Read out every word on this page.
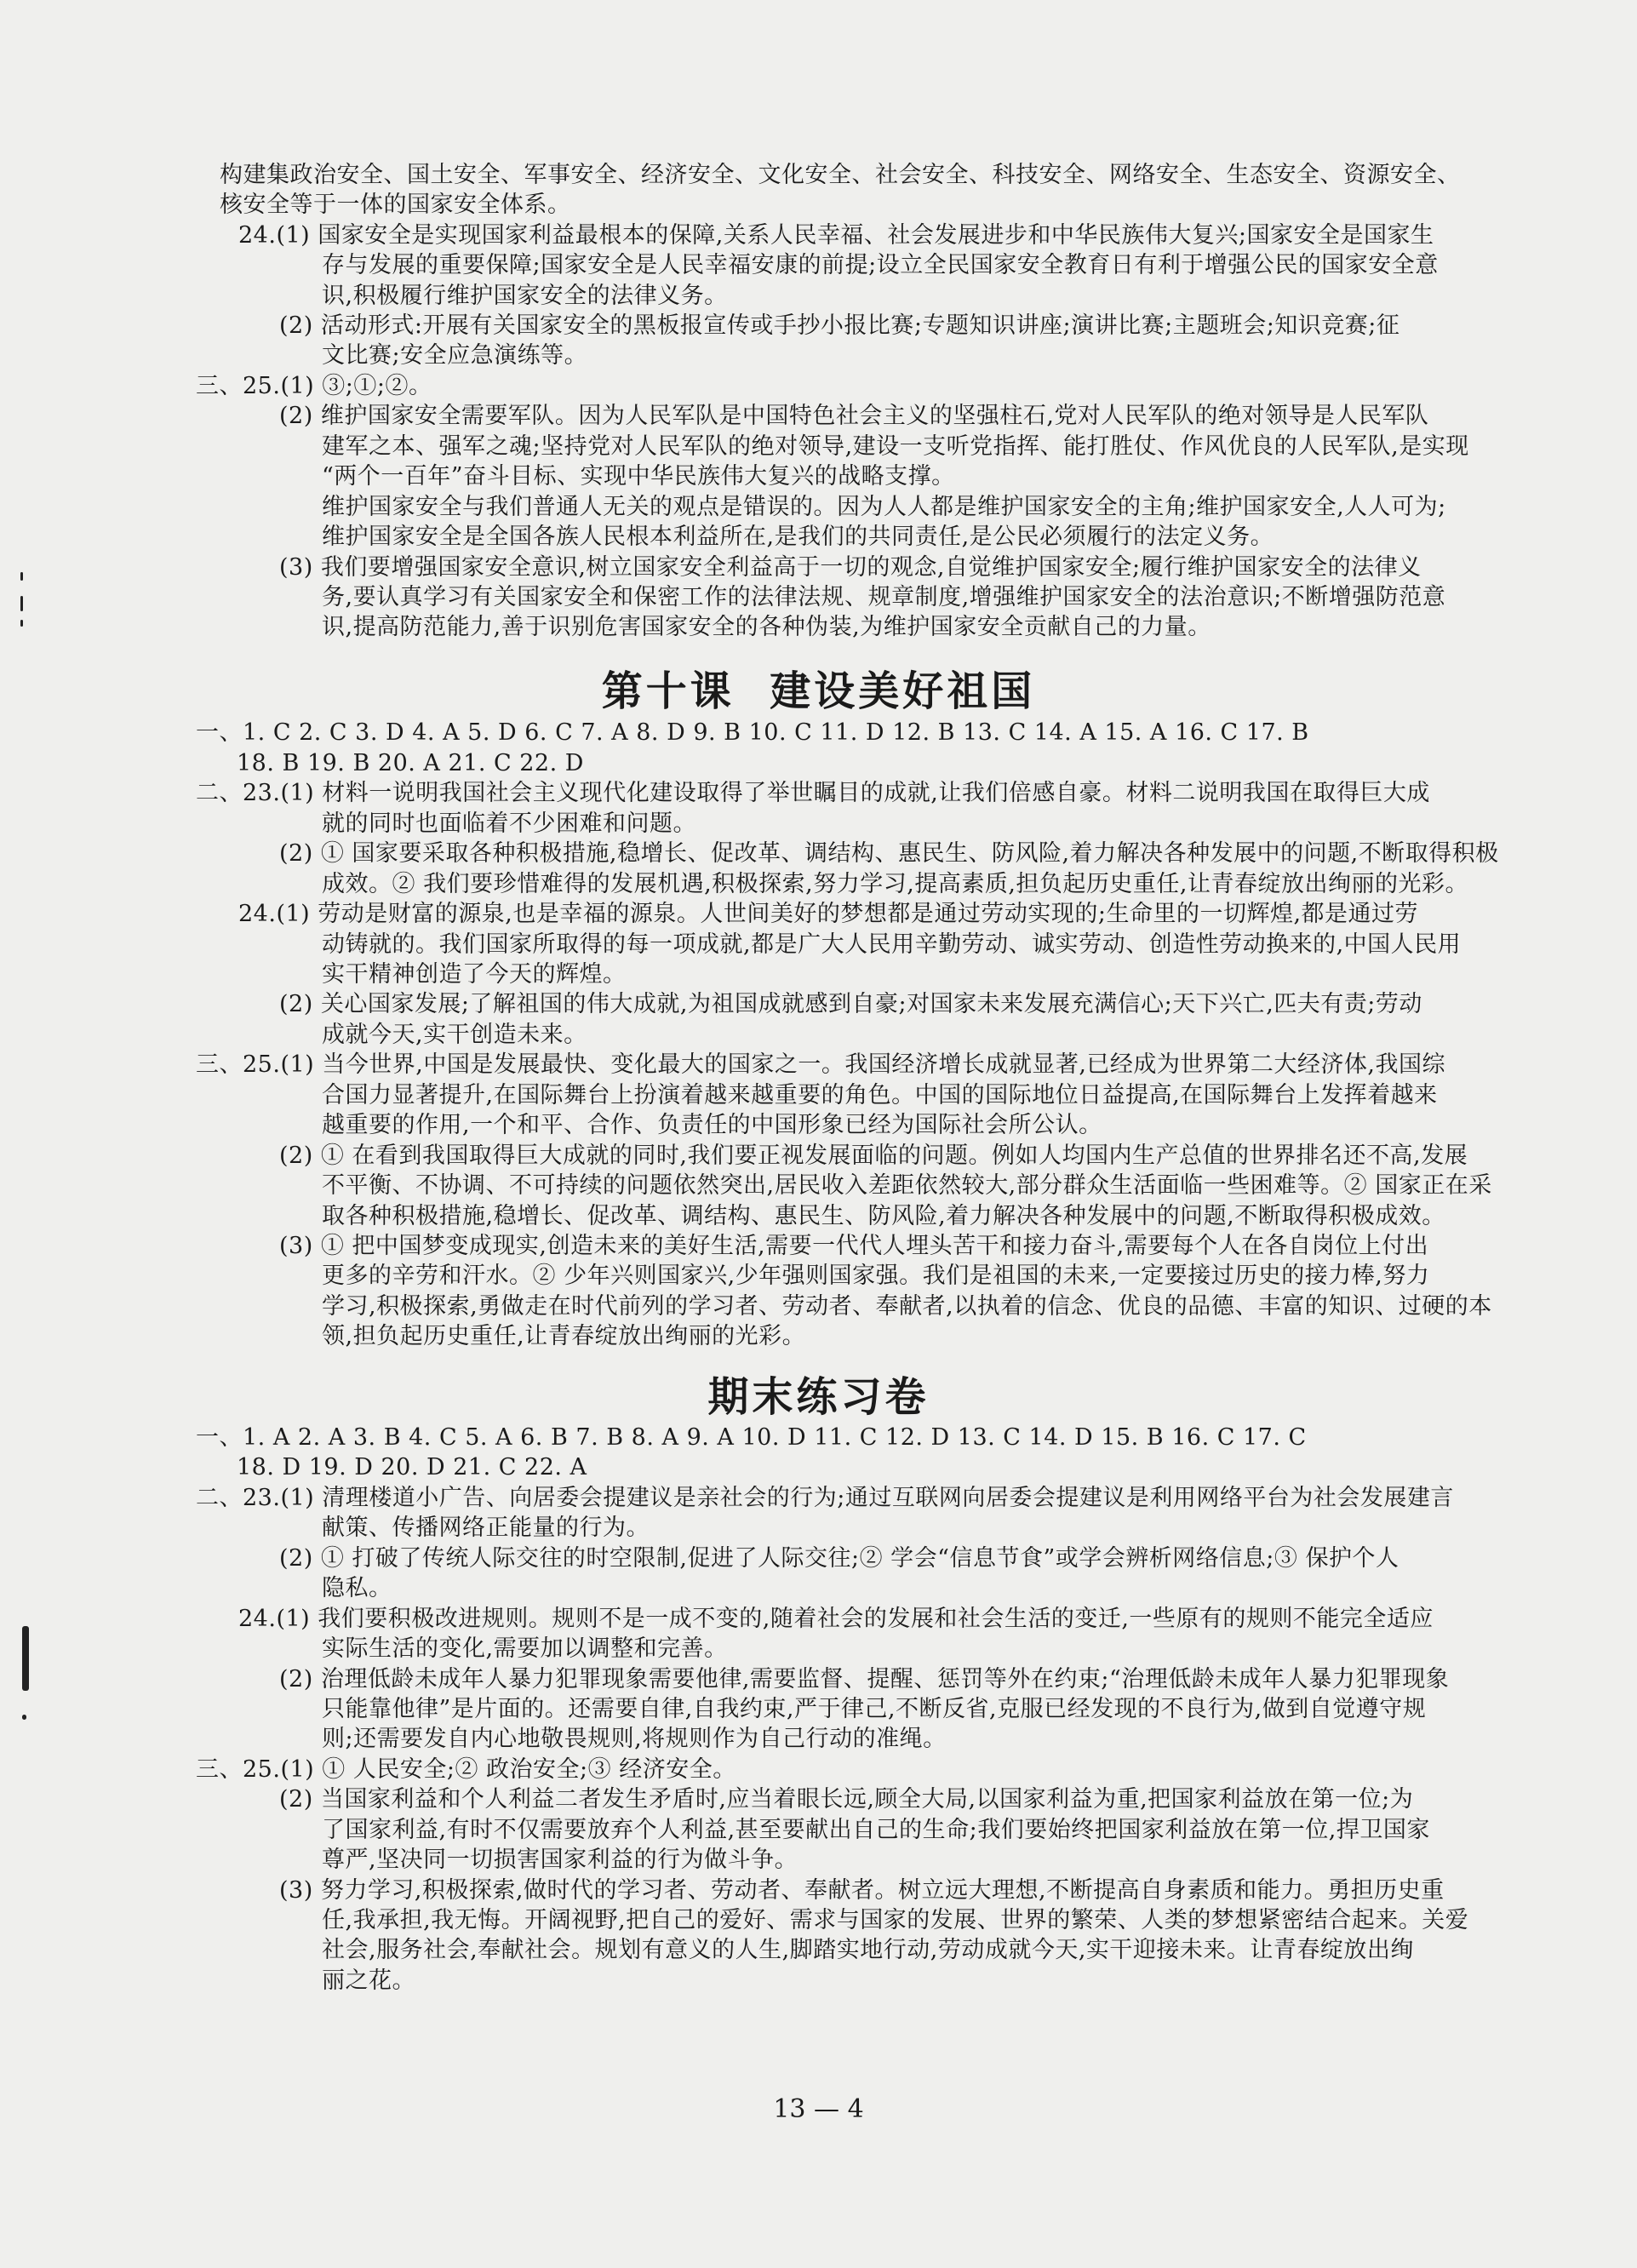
构建集政治安全、国土安全、军事安全、经济安全、文化安全、社会安全、科技安全、网络安全、生态安全、资源安全、
核安全等于一体的国家安全体系。
24.(1) 国家安全是实现国家利益最根本的保障,关系人民幸福、社会发展进步和中华民族伟大复兴;国家安全是国家生
存与发展的重要保障;国家安全是人民幸福安康的前提;设立全民国家安全教育日有利于增强公民的国家安全意
识,积极履行维护国家安全的法律义务。
(2) 活动形式:开展有关国家安全的黑板报宣传或手抄小报比赛;专题知识讲座;演讲比赛;主题班会;知识竞赛;征
文比赛;安全应急演练等。
三、25.(1) ③;①;②。
(2) 维护国家安全需要军队。因为人民军队是中国特色社会主义的坚强柱石,党对人民军队的绝对领导是人民军队
建军之本、强军之魂;坚持党对人民军队的绝对领导,建设一支听党指挥、能打胜仗、作风优良的人民军队,是实现
“两个一百年”奋斗目标、实现中华民族伟大复兴的战略支撑。
维护国家安全与我们普通人无关的观点是错误的。因为人人都是维护国家安全的主角;维护国家安全,人人可为;
维护国家安全是全国各族人民根本利益所在,是我们的共同责任,是公民必须履行的法定义务。
(3) 我们要增强国家安全意识,树立国家安全利益高于一切的观念,自觉维护国家安全;履行维护国家安全的法律义
务,要认真学习有关国家安全和保密工作的法律法规、规章制度,增强维护国家安全的法治意识;不断增强防范意
识,提高防范能力,善于识别危害国家安全的各种伪装,为维护国家安全贡献自己的力量。
第十课  建设美好祖国
一、1. C 2. C 3. D 4. A 5. D 6. C 7. A 8. D 9. B 10. C 11. D 12. B 13. C 14. A 15. A 16. C 17. B
18. B 19. B 20. A 21. C 22. D
二、23.(1) 材料一说明我国社会主义现代化建设取得了举世瞩目的成就,让我们倍感自豪。材料二说明我国在取得巨大成
就的同时也面临着不少困难和问题。
(2) ① 国家要采取各种积极措施,稳增长、促改革、调结构、惠民生、防风险,着力解决各种发展中的问题,不断取得积极
成效。② 我们要珍惜难得的发展机遇,积极探索,努力学习,提高素质,担负起历史重任,让青春绽放出绚丽的光彩。
24.(1) 劳动是财富的源泉,也是幸福的源泉。人世间美好的梦想都是通过劳动实现的;生命里的一切辉煌,都是通过劳
动铸就的。我们国家所取得的每一项成就,都是广大人民用辛勤劳动、诚实劳动、创造性劳动换来的,中国人民用
实干精神创造了今天的辉煌。
(2) 关心国家发展;了解祖国的伟大成就,为祖国成就感到自豪;对国家未来发展充满信心;天下兴亡,匹夫有责;劳动
成就今天,实干创造未来。
三、25.(1) 当今世界,中国是发展最快、变化最大的国家之一。我国经济增长成就显著,已经成为世界第二大经济体,我国综
合国力显著提升,在国际舞台上扮演着越来越重要的角色。中国的国际地位日益提高,在国际舞台上发挥着越来
越重要的作用,一个和平、合作、负责任的中国形象已经为国际社会所公认。
(2) ① 在看到我国取得巨大成就的同时,我们要正视发展面临的问题。例如人均国内生产总值的世界排名还不高,发展
不平衡、不协调、不可持续的问题依然突出,居民收入差距依然较大,部分群众生活面临一些困难等。② 国家正在采
取各种积极措施,稳增长、促改革、调结构、惠民生、防风险,着力解决各种发展中的问题,不断取得积极成效。
(3) ① 把中国梦变成现实,创造未来的美好生活,需要一代代人埋头苦干和接力奋斗,需要每个人在各自岗位上付出
更多的辛劳和汗水。② 少年兴则国家兴,少年强则国家强。我们是祖国的未来,一定要接过历史的接力棒,努力
学习,积极探索,勇做走在时代前列的学习者、劳动者、奉献者,以执着的信念、优良的品德、丰富的知识、过硬的本
领,担负起历史重任,让青春绽放出绚丽的光彩。
期末练习卷
一、1. A 2. A 3. B 4. C 5. A 6. B 7. B 8. A 9. A 10. D 11. C 12. D 13. C 14. D 15. B 16. C 17. C
18. D 19. D 20. D 21. C 22. A
二、23.(1) 清理楼道小广告、向居委会提建议是亲社会的行为;通过互联网向居委会提建议是利用网络平台为社会发展建言
献策、传播网络正能量的行为。
(2) ① 打破了传统人际交往的时空限制,促进了人际交往;② 学会“信息节食”或学会辨析网络信息;③ 保护个人
隐私。
24.(1) 我们要积极改进规则。规则不是一成不变的,随着社会的发展和社会生活的变迁,一些原有的规则不能完全适应
实际生活的变化,需要加以调整和完善。
(2) 治理低龄未成年人暴力犯罪现象需要他律,需要监督、提醒、惩罚等外在约束;“治理低龄未成年人暴力犯罪现象
只能靠他律”是片面的。还需要自律,自我约束,严于律己,不断反省,克服已经发现的不良行为,做到自觉遵守规
则;还需要发自内心地敬畏规则,将规则作为自己行动的准绳。
三、25.(1) ① 人民安全;② 政治安全;③ 经济安全。
(2) 当国家利益和个人利益二者发生矛盾时,应当着眼长远,顾全大局,以国家利益为重,把国家利益放在第一位;为
了国家利益,有时不仅需要放弃个人利益,甚至要献出自己的生命;我们要始终把国家利益放在第一位,捍卫国家
尊严,坚决同一切损害国家利益的行为做斗争。
(3) 努力学习,积极探索,做时代的学习者、劳动者、奉献者。树立远大理想,不断提高自身素质和能力。勇担历史重
任,我承担,我无悔。开阔视野,把自己的爱好、需求与国家的发展、世界的繁荣、人类的梦想紧密结合起来。关爱
社会,服务社会,奉献社会。规划有意义的人生,脚踏实地行动,劳动成就今天,实干迎接未来。让青春绽放出绚
丽之花。
13 — 4
